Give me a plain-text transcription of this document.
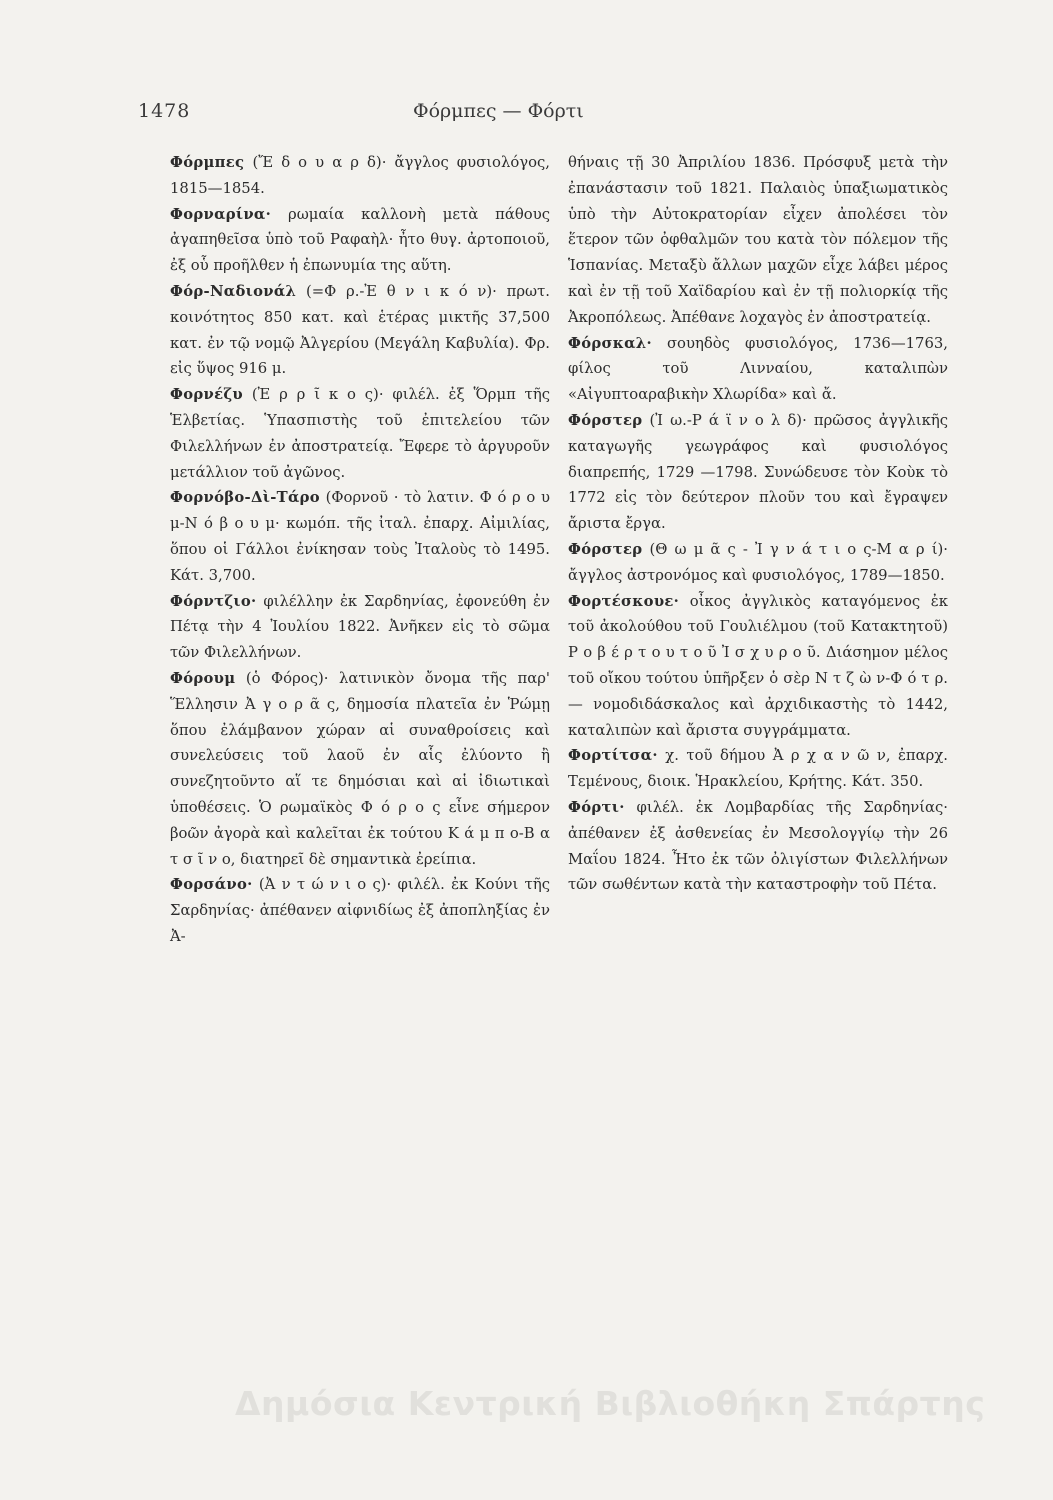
1478	Φόρμπες — Φόρτι

Φόρμπες (Ἔ δ ο υ α ρ δ)· ἄγγλος φυσιολόγος, 1815—1854.

Φορναρίνα· ρωμαία καλλονὴ μετὰ πάθους ἀγαπηθεῖσα ὑπὸ τοῦ Ραφαὴλ· ἦτο θυγ. ἀρτοποιοῦ, ἐξ οὗ προῆλθεν ἡ ἐπωνυμία της αὕτη.

Φόρ-Ναδιονάλ (=Φ ρ.-Ἐ θ ν ι κ ό ν)· πρωτ. κοινότητος 850 κατ. καὶ ἑτέρας μικτῆς 37,500 κατ. ἐν τῷ νομῷ Ἀλγερίου (Μεγάλη Καβυλία). Φρ. εἰς ὕψος 916 μ.

Φορνέζυ (Ἐ ρ ρ ῖ κ ο ς)· φιλέλ. ἐξ Ὅρμπ τῆς Ἑλβετίας. Ὑπασπιστὴς τοῦ ἐπιτελείου τῶν Φιλελλήνων ἐν ἀποστρατείᾳ. Ἔφερε τὸ ἀργυροῦν μετάλλιον τοῦ ἀγῶνος.

Φορνόβο-Δὶ-Τάρο (Φορνοῦ · τὸ λατιν. Φ ό ρ ο υ μ-Ν ό β ο υ μ· κωμόπ. τῆς ἰταλ. ἐπαρχ. Αἰμιλίας, ὅπου οἱ Γάλλοι ἐνίκησαν τοὺς Ἰταλοὺς τὸ 1495. Κάτ. 3,700.

Φόρντζιο· φιλέλλην ἐκ Σαρδηνίας, ἐφονεύθη ἐν Πέτᾳ τὴν 4 Ἰουλίου 1822. Ἀνῆκεν εἰς τὸ σῶμα τῶν Φιλελλήνων.

Φόρουμ (ὁ Φόρος)· λατινικὸν ὄνομα τῆς παρ' Ἕλλησιν Ἀ γ ο ρ ᾶ ς, δημοσία πλατεῖα ἐν Ῥώμῃ ὅπου ἐλάμβανον χώραν αἱ συναθροίσεις καὶ συνελεύσεις τοῦ λαοῦ ἐν αἷς ἐλύοντο ἢ συνεζητοῦντο αἵ τε δημόσιαι καὶ αἱ ἰδιωτικαὶ ὑποθέσεις. Ὁ ρωμαϊκὸς Φ ό ρ ο ς εἶνε σήμερον βοῶν ἀγορὰ καὶ καλεῖται ἐκ τούτου Κ ά μ π ο-Β α τ σ ῖ ν ο, διατηρεῖ δὲ σημαντικὰ ἐρείπια.

Φορσάνο· (Ἀ ν τ ώ ν ι ο ς)· φιλέλ. ἐκ Κούνι τῆς Σαρδηνίας· ἀπέθανεν αἰφνιδίως ἐξ ἀποπληξίας ἐν Ἀ-

θήναις τῇ 30 Ἀπριλίου 1836. Πρόσφυξ μετὰ τὴν ἐπανάστασιν τοῦ 1821. Παλαιὸς ὑπαξιωματικὸς ὑπὸ τὴν Αὐτοκρατορίαν εἶχεν ἀπολέσει τὸν ἕτερον τῶν ὀφθαλμῶν του κατὰ τὸν πόλεμον τῆς Ἱσπανίας. Μεταξὺ ἄλλων μαχῶν εἶχε λάβει μέρος καὶ ἐν τῇ τοῦ Χαϊδαρίου καὶ ἐν τῇ πολιορκίᾳ τῆς Ἀκροπόλεως. Ἀπέθανε λοχαγὸς ἐν ἀποστρατείᾳ.

Φόρσκαλ· σουηδὸς φυσιολόγος, 1736—1763, φίλος τοῦ Λινναίου, καταλιπὼν «Αἰγυπτοαραβικὴν Χλωρίδα» καὶ ἄ.

Φόρστερ (Ἰ ω.-Ρ ά ϊ ν ο λ δ)· πρῶσος ἀγγλικῆς καταγωγῆς γεωγράφος καὶ φυσιολόγος διαπρεπής, 1729 —1798. Συνώδευσε τὸν Κοὺκ τὸ 1772 εἰς τὸν δεύτερον πλοῦν του καὶ ἔγραψεν ἄριστα ἔργα.

Φόρστερ (Θ ω μ ᾶ ς - Ἰ γ ν ά τ ι ο ς-Μ α ρ ί)· ἄγγλος ἀστρονόμος καὶ φυσιολόγος, 1789—1850.

Φορτέσκουε· οἶκος ἀγγλικὸς καταγόμενος ἐκ τοῦ ἀκολούθου τοῦ Γουλιέλμου (τοῦ Κατακτητοῦ) Ρ ο β έ ρ τ ο υ τ ο ῦ Ἰ σ χ υ ρ ο ῦ. Διάσημον μέλος τοῦ οἴκου τούτου ὑπῆρξεν ὁ σὲρ Ν τ ζ ὼ ν-Φ ό τ ρ. — νομοδιδάσκαλος καὶ ἀρχιδικαστὴς τὸ 1442, καταλιπὼν καὶ ἄριστα συγγράμματα.

Φορτίτσα· χ. τοῦ δήμου Ἀ ρ χ α ν ῶ ν, ἐπαρχ. Τεμένους, διοικ. Ἡρακλείου, Κρήτης. Κάτ. 350.

Φόρτι· φιλέλ. ἐκ Λομβαρδίας τῆς Σαρδηνίας· ἀπέθανεν ἐξ ἀσθενείας ἐν Μεσολογγίῳ τὴν 26 Μαΐου 1824. Ἦτο ἐκ τῶν ὀλιγίστων Φιλελλήνων τῶν σωθέντων κατὰ τὴν καταστροφὴν τοῦ Πέτα.

Δημόσια Κεντρική Βιβλιοθήκη Σπάρτης
